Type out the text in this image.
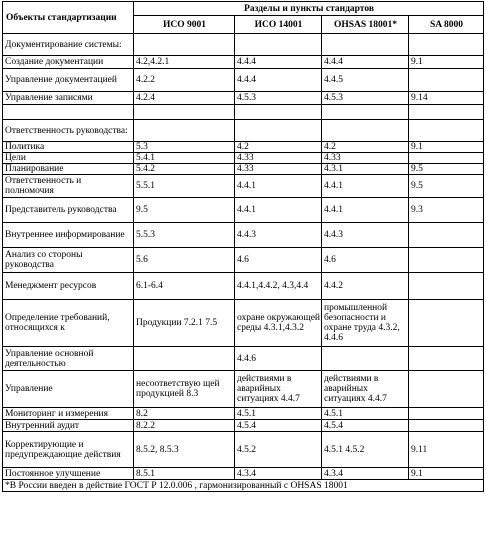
Объекты стандартизации	Разделы и пункты стандартов			
	ИСО 9001	ИСО 14001	OHSAS 18001*	SA 8000
Документирование системы:				
Создание документации	4.2,4.2.1	4.4.4	4.4.4	9.1
Управление документацией	4.2.2	4.4.4	4.4.5	
Управление записями	4.2.4	4.5.3	4.5.3	9.14

Ответственность руководства:				
Политика	5.3	4.2	4.2	9.1
Цели	5.4.1	4.33	4.33	
Планирование	5.4.2	4.33	4.3.1	9.5
Ответственность и полномочия	5.5.1	4.4.1	4.4.1	9.5
Представитель руководства	9.5	4.4.1	4.4.1	9.3
Внутреннее информирование	5.5.3	4.4.3	4.4.3	
Анализ со стороны руководства	5.6	4.6	4.6	
Менеджмент ресурсов	6.1-6.4	4.4.1,4.4.2, 4.3,4.4	4.4.2	
Определение требований, относящихся к	Продукции 7.2.1 7.5	охране окружающей среды 4.3.1,4.3.2	промышленной безопасности и охране труда 4.3.2, 4.4.6	
Управление основной деятельностью		4.4.6		
Управление	несоответствую щей продукцией 8.3	действиями в аварийных ситуациях 4.4.7	действиями в аварийных ситуациях 4.4.7	
Мониторинг и измерения	8.2	4.5.1	4.5.1	
Внутренний аудит	8.2.2	4.5.4	4.5.4	
Корректирующие и предупреждающие действия	8.5.2, 8.5.3	4.5.2	4.5.1 4.5.2	9.11
Постоянное улучшение	8.5.1	4.3.4	4.3.4	9.1
*В России введен в действие ГОСТ Р 12.0.006 , гармонизированный с OHSAS 18001				
